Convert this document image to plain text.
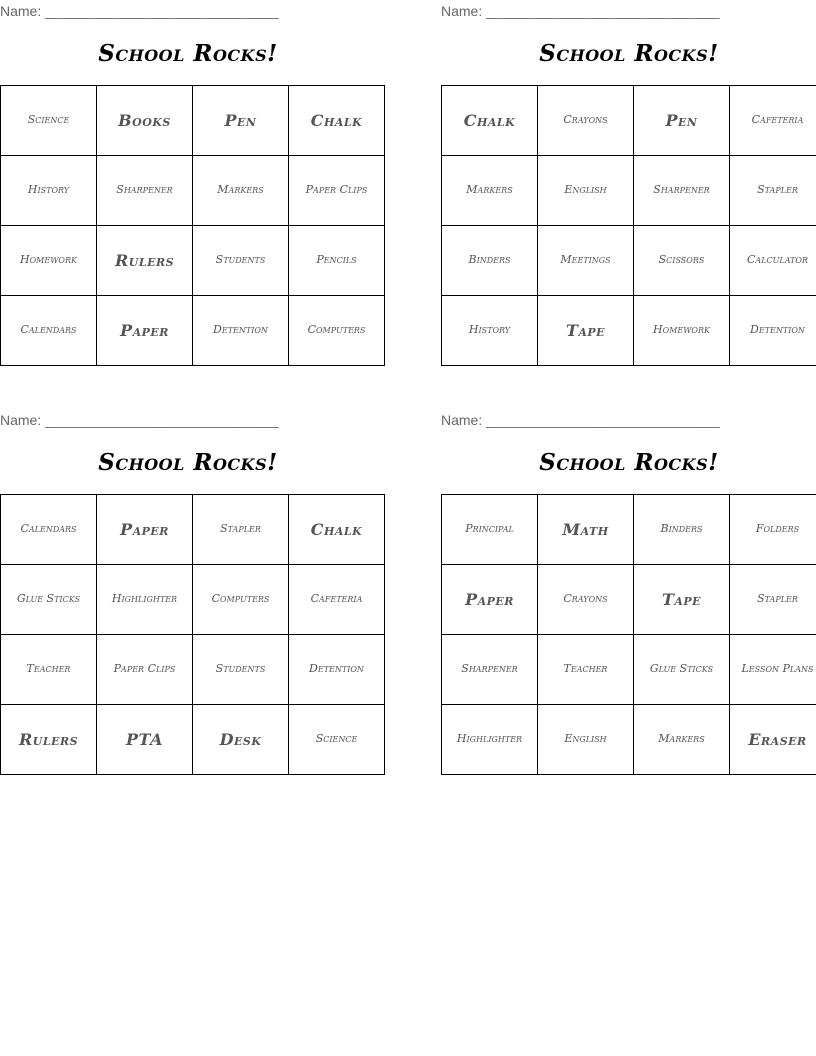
Name: ______________________________
School Rocks!
Science	Books	Pen	Chalk
History	Sharpener	Markers	Paper Clips
Homework	Rulers	Students	Pencils
Calendars	Paper	Detention	Computers
Name: ______________________________
School Rocks!
Chalk	Crayons	Pen	Cafeteria
Markers	English	Sharpener	Stapler
Binders	Meetings	Scissors	Calculator
History	Tape	Homework	Detention
Name: ______________________________
School Rocks!
Calendars	Paper	Stapler	Chalk
Glue Sticks	Highlighter	Computers	Cafeteria
Teacher	Paper Clips	Students	Detention
Rulers	PTA	Desk	Science
Name: ______________________________
School Rocks!
Principal	Math	Binders	Folders
Paper	Crayons	Tape	Stapler
Sharpener	Teacher	Glue Sticks	Lesson Plans
Highlighter	English	Markers	Eraser
